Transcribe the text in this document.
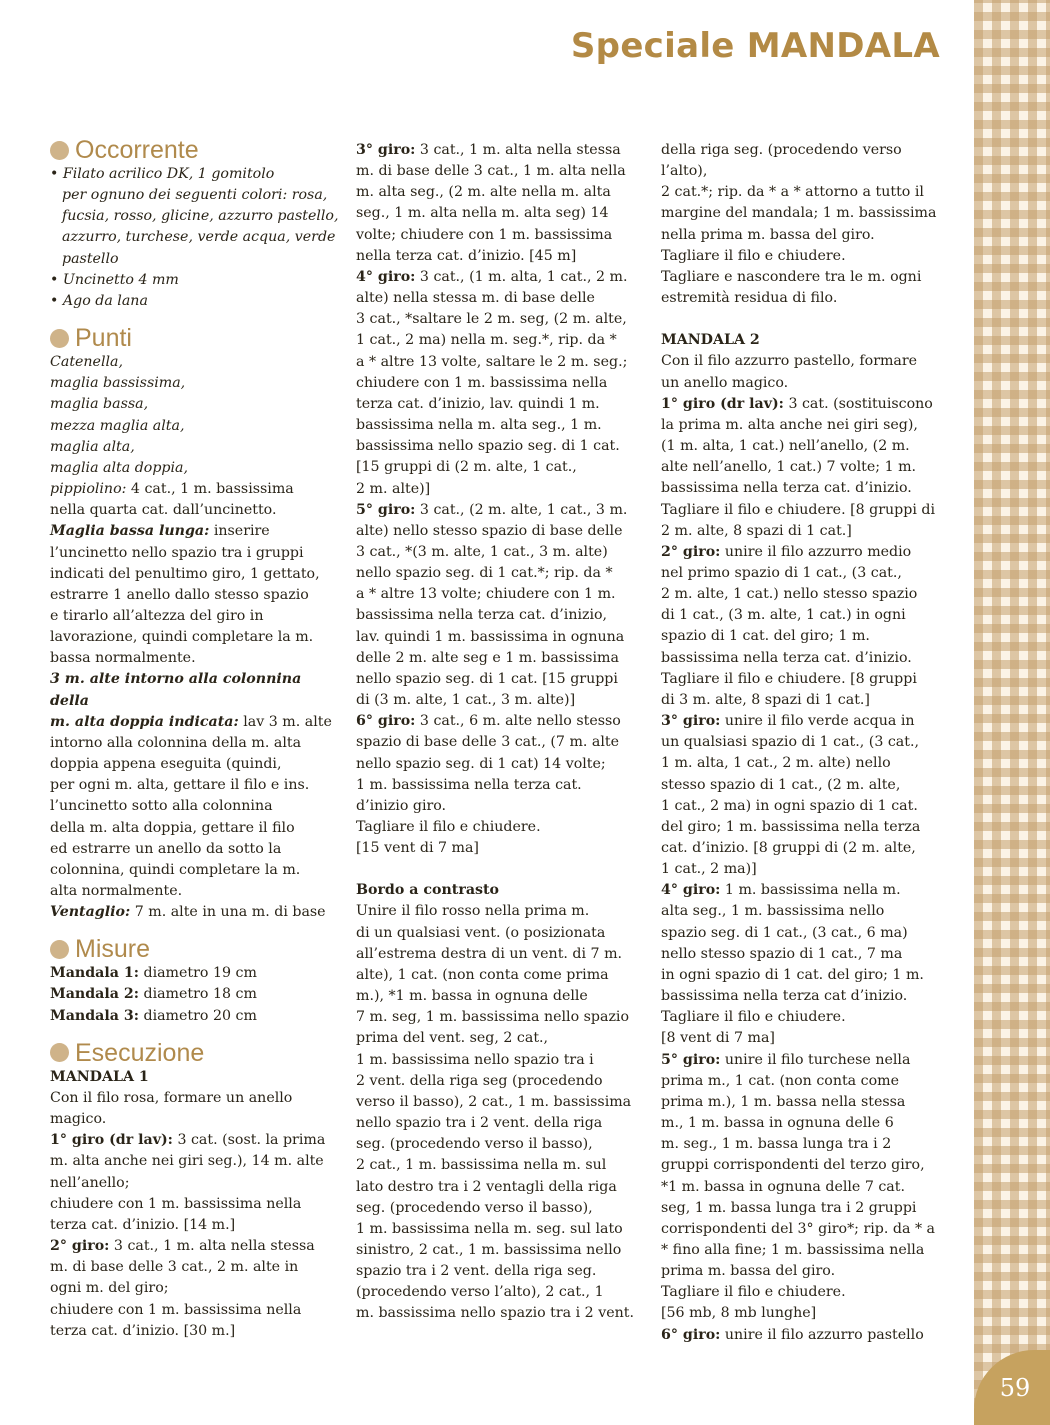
Speciale MANDALA
Occorrente

• Filato acrilico DK, 1 gomitolo

per ognuno dei seguenti colori: rosa,

fucsia, rosso, glicine, azzurro pastello,

azzurro, turchese, verde acqua, verde

pastello

• Uncinetto 4 mm

• Ago da lana

Punti

Catenella,

maglia bassissima,

maglia bassa,

mezza maglia alta,

maglia alta,

maglia alta doppia,

pippiolino: 4 cat., 1 m. bassissima

nella quarta cat. dall’uncinetto.

Maglia bassa lunga: inserire

l’uncinetto nello spazio tra i gruppi

indicati del penultimo giro, 1 gettato,

estrarre 1 anello dallo stesso spazio

e tirarlo all’altezza del giro in

lavorazione, quindi completare la m.

bassa normalmente.

3 m. alte intorno alla colonnina della

m. alta doppia indicata: lav 3 m. alte

intorno alla colonnina della m. alta

doppia appena eseguita (quindi,

per ogni m. alta, gettare il filo e ins.

l’uncinetto sotto alla colonnina

della m. alta doppia, gettare il filo

ed estrarre un anello da sotto la

colonnina, quindi completare la m.

alta normalmente.

Ventaglio: 7 m. alte in una m. di base

Misure

Mandala 1: diametro 19 cm

Mandala 2: diametro 18 cm

Mandala 3: diametro 20 cm

Esecuzione

MANDALA 1

Con il filo rosa, formare un anello

magico.

1° giro (dr lav): 3 cat. (sost. la prima

m. alta anche nei giri seg.), 14 m. alte

nell’anello;

chiudere con 1 m. bassissima nella

terza cat. d’inizio. [14 m.]

2° giro: 3 cat., 1 m. alta nella stessa

m. di base delle 3 cat., 2 m. alte in

ogni m. del giro;

chiudere con 1 m. bassissima nella

terza cat. d’inizio. [30 m.]

3° giro: 3 cat., 1 m. alta nella stessa

m. di base delle 3 cat., 1 m. alta nella

m. alta seg., (2 m. alte nella m. alta

seg., 1 m. alta nella m. alta seg) 14

volte; chiudere con 1 m. bassissima

nella terza cat. d’inizio. [45 m]

4° giro: 3 cat., (1 m. alta, 1 cat., 2 m.

alte) nella stessa m. di base delle

3 cat., *saltare le 2 m. seg, (2 m. alte,

1 cat., 2 ma) nella m. seg.*, rip. da *

a * altre 13 volte, saltare le 2 m. seg.;

chiudere con 1 m. bassissima nella

terza cat. d’inizio, lav. quindi 1 m.

bassissima nella m. alta seg., 1 m.

bassissima nello spazio seg. di 1 cat.

[15 gruppi di (2 m. alte, 1 cat.,

2 m. alte)]

5° giro: 3 cat., (2 m. alte, 1 cat., 3 m.

alte) nello stesso spazio di base delle

3 cat., *(3 m. alte, 1 cat., 3 m. alte)

nello spazio seg. di 1 cat.*; rip. da *

a * altre 13 volte; chiudere con 1 m.

bassissima nella terza cat. d’inizio,

lav. quindi 1 m. bassissima in ognuna

delle 2 m. alte seg e 1 m. bassissima

nello spazio seg. di 1 cat. [15 gruppi

di (3 m. alte, 1 cat., 3 m. alte)]

6° giro: 3 cat., 6 m. alte nello stesso

spazio di base delle 3 cat., (7 m. alte

nello spazio seg. di 1 cat) 14 volte;

1 m. bassissima nella terza cat.

d’inizio giro.

Tagliare il filo e chiudere.

[15 vent di 7 ma]

Bordo a contrasto

Unire il filo rosso nella prima m.

di un qualsiasi vent. (o posizionata

all’estrema destra di un vent. di 7 m.

alte), 1 cat. (non conta come prima

m.), *1 m. bassa in ognuna delle

7 m. seg, 1 m. bassissima nello spazio

prima del vent. seg, 2 cat.,

1 m. bassissima nello spazio tra i

2 vent. della riga seg (procedendo

verso il basso), 2 cat., 1 m. bassissima

nello spazio tra i 2 vent. della riga

seg. (procedendo verso il basso),

2 cat., 1 m. bassissima nella m. sul

lato destro tra i 2 ventagli della riga

seg. (procedendo verso il basso),

1 m. bassissima nella m. seg. sul lato

sinistro, 2 cat., 1 m. bassissima nello

spazio tra i 2 vent. della riga seg.

(procedendo verso l’alto), 2 cat., 1

m. bassissima nello spazio tra i 2 vent.

della riga seg. (procedendo verso l’alto),

2 cat.*; rip. da * a * attorno a tutto il

margine del mandala; 1 m. bassissima

nella prima m. bassa del giro.

Tagliare il filo e chiudere.

Tagliare e nascondere tra le m. ogni

estremità residua di filo.

MANDALA 2

Con il filo azzurro pastello, formare

un anello magico.

1° giro (dr lav): 3 cat. (sostituiscono

la prima m. alta anche nei giri seg),

(1 m. alta, 1 cat.) nell’anello, (2 m.

alte nell’anello, 1 cat.) 7 volte; 1 m.

bassissima nella terza cat. d’inizio.

Tagliare il filo e chiudere. [8 gruppi di

2 m. alte, 8 spazi di 1 cat.]

2° giro: unire il filo azzurro medio

nel primo spazio di 1 cat., (3 cat.,

2 m. alte, 1 cat.) nello stesso spazio

di 1 cat., (3 m. alte, 1 cat.) in ogni

spazio di 1 cat. del giro; 1 m.

bassissima nella terza cat. d’inizio.

Tagliare il filo e chiudere. [8 gruppi

di 3 m. alte, 8 spazi di 1 cat.]

3° giro: unire il filo verde acqua in

un qualsiasi spazio di 1 cat., (3 cat.,

1 m. alta, 1 cat., 2 m. alte) nello

stesso spazio di 1 cat., (2 m. alte,

1 cat., 2 ma) in ogni spazio di 1 cat.

del giro; 1 m. bassissima nella terza

cat. d’inizio. [8 gruppi di (2 m. alte,

1 cat., 2 ma)]

4° giro: 1 m. bassissima nella m.

alta seg., 1 m. bassissima nello

spazio seg. di 1 cat., (3 cat., 6 ma)

nello stesso spazio di 1 cat., 7 ma

in ogni spazio di 1 cat. del giro; 1 m.

bassissima nella terza cat d’inizio.

Tagliare il filo e chiudere.

[8 vent di 7 ma]

5° giro: unire il filo turchese nella

prima m., 1 cat. (non conta come

prima m.), 1 m. bassa nella stessa

m., 1 m. bassa in ognuna delle 6

m. seg., 1 m. bassa lunga tra i 2

gruppi corrispondenti del terzo giro,

*1 m. bassa in ognuna delle 7 cat.

seg, 1 m. bassa lunga tra i 2 gruppi

corrispondenti del 3° giro*; rip. da * a

* fino alla fine; 1 m. bassissima nella

prima m. bassa del giro.

Tagliare il filo e chiudere.

[56 mb, 8 mb lunghe]

6° giro: unire il filo azzurro pastello

59
